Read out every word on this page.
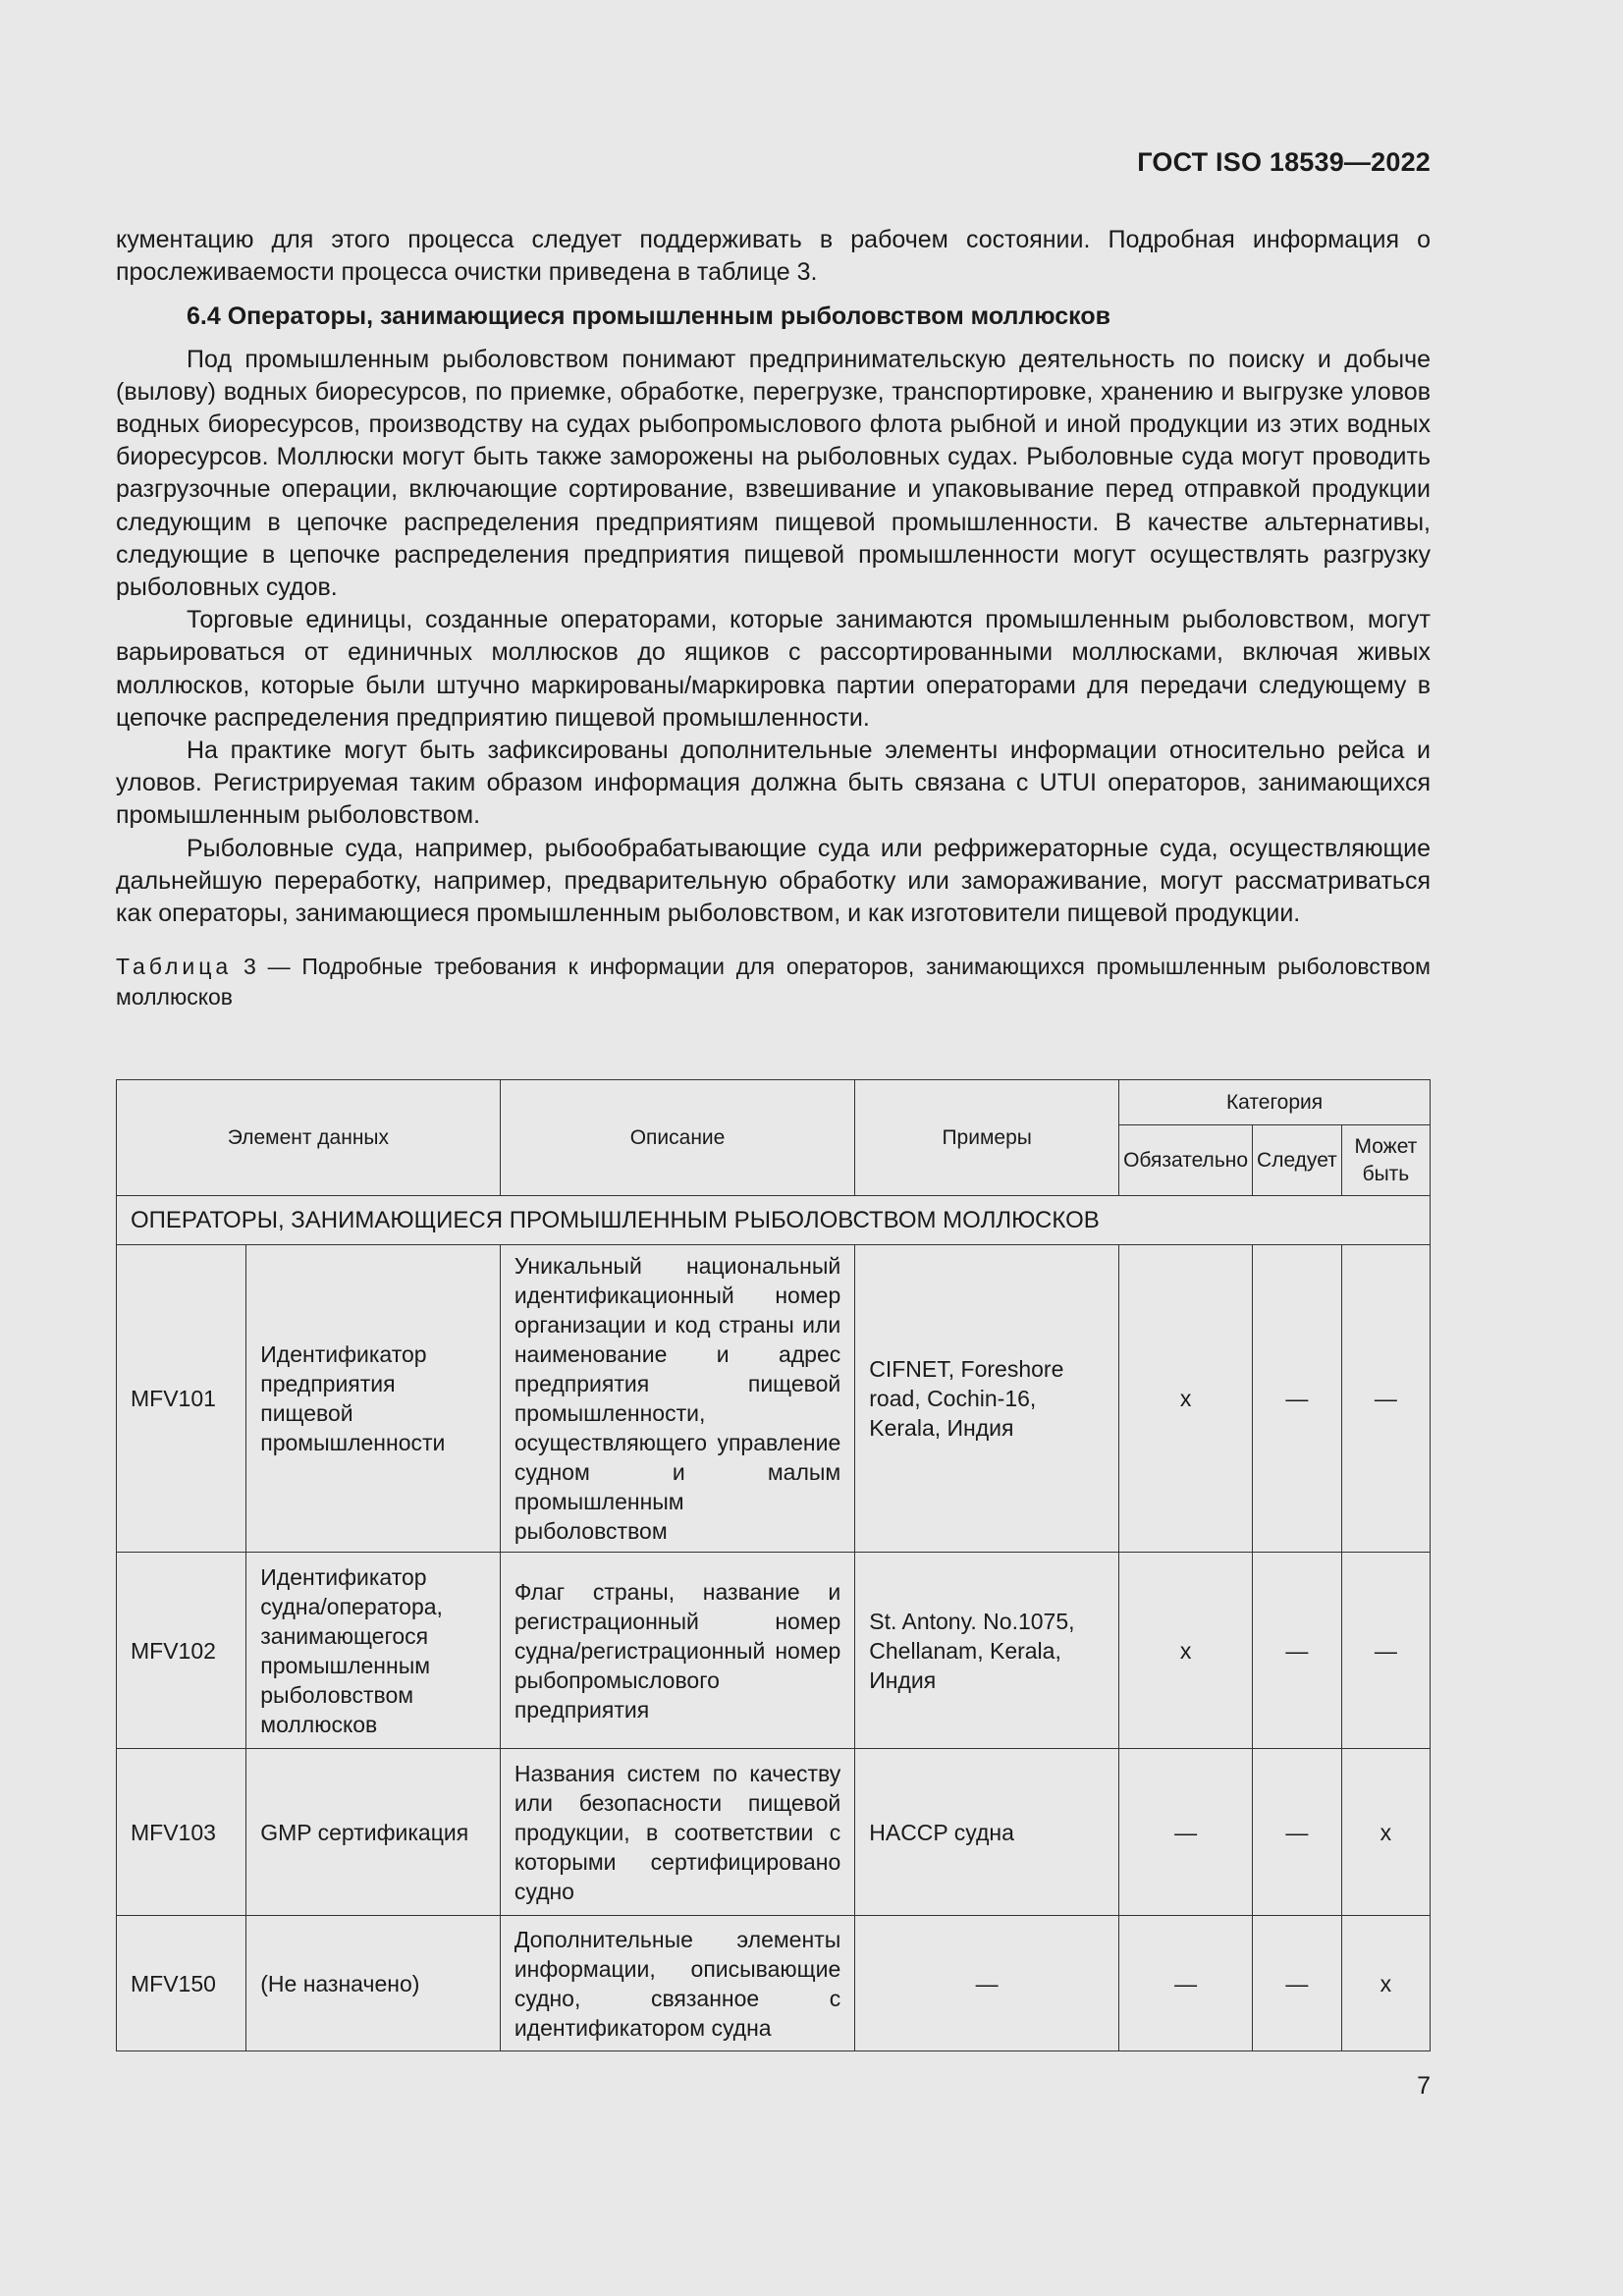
ГОСТ ISO 18539—2022

кументацию для этого процесса следует поддерживать в рабочем состоянии. Подробная информация о прослеживаемости процесса очистки приведена в таблице 3.

6.4 Операторы, занимающиеся промышленным рыболовством моллюсков

Под промышленным рыболовством понимают предпринимательскую деятельность по поиску и добыче (вылову) водных биоресурсов, по приемке, обработке, перегрузке, транспортировке, хранению и выгрузке уловов водных биоресурсов, производству на судах рыбопромыслового флота рыбной и иной продукции из этих водных биоресурсов. Моллюски могут быть также заморожены на рыболовных судах. Рыболовные суда могут проводить разгрузочные операции, включающие сортирование, взвешивание и упаковывание перед отправкой продукции следующим в цепочке распределения предприятиям пищевой промышленности. В качестве альтернативы, следующие в цепочке распределения предприятия пищевой промышленности могут осуществлять разгрузку рыболовных судов.

Торговые единицы, созданные операторами, которые занимаются промышленным рыболовством, могут варьироваться от единичных моллюсков до ящиков с рассортированными моллюсками, включая живых моллюсков, которые были штучно маркированы/маркировка партии операторами для передачи следующему в цепочке распределения предприятию пищевой промышленности.

На практике могут быть зафиксированы дополнительные элементы информации относительно рейса и уловов. Регистрируемая таким образом информация должна быть связана с UTUI операторов, занимающихся промышленным рыболовством.

Рыболовные суда, например, рыбообрабатывающие суда или рефрижераторные суда, осуществляющие дальнейшую переработку, например, предварительную обработку или замораживание, могут рассматриваться как операторы, занимающиеся промышленным рыболовством, и как изготовители пищевой продукции.

Таблица 3 — Подробные требования к информации для операторов, занимающихся промышленным рыболовством моллюсков

Элемент данных		Описание	Примеры	Категория		
				Обязательно	Следует	Может быть
ОПЕРАТОРЫ, ЗАНИМАЮЩИЕСЯ ПРОМЫШЛЕННЫМ РЫБОЛОВСТВОМ МОЛЛЮСКОВ						
MFV101	Идентификатор предприятия пищевой промышленности	Уникальный национальный идентификационный номер организации и код страны или наименование и адрес предприятия пищевой промышленности, осуществляющего управление судном и малым промышленным рыболовством	CIFNET, Foreshore road, Cochin-16, Kerala, Индия	x	—	—
MFV102	Идентификатор судна/оператора, занимающегося промышленным рыболовством моллюсков	Флаг страны, название и регистрационный номер судна/регистрационный номер рыбопромыслового предприятия	St. Antony. No.1075, Chellanam, Kerala, Индия	x	—	—
MFV103	GMP сертификация	Названия систем по качеству или безопасности пищевой продукции, в соответствии с которыми сертифицировано судно	HACCP судна	—	—	x
MFV150	(Не назначено)	Дополнительные элементы информации, описывающие судно, связанное с идентификатором судна	—	—	—	x
7
